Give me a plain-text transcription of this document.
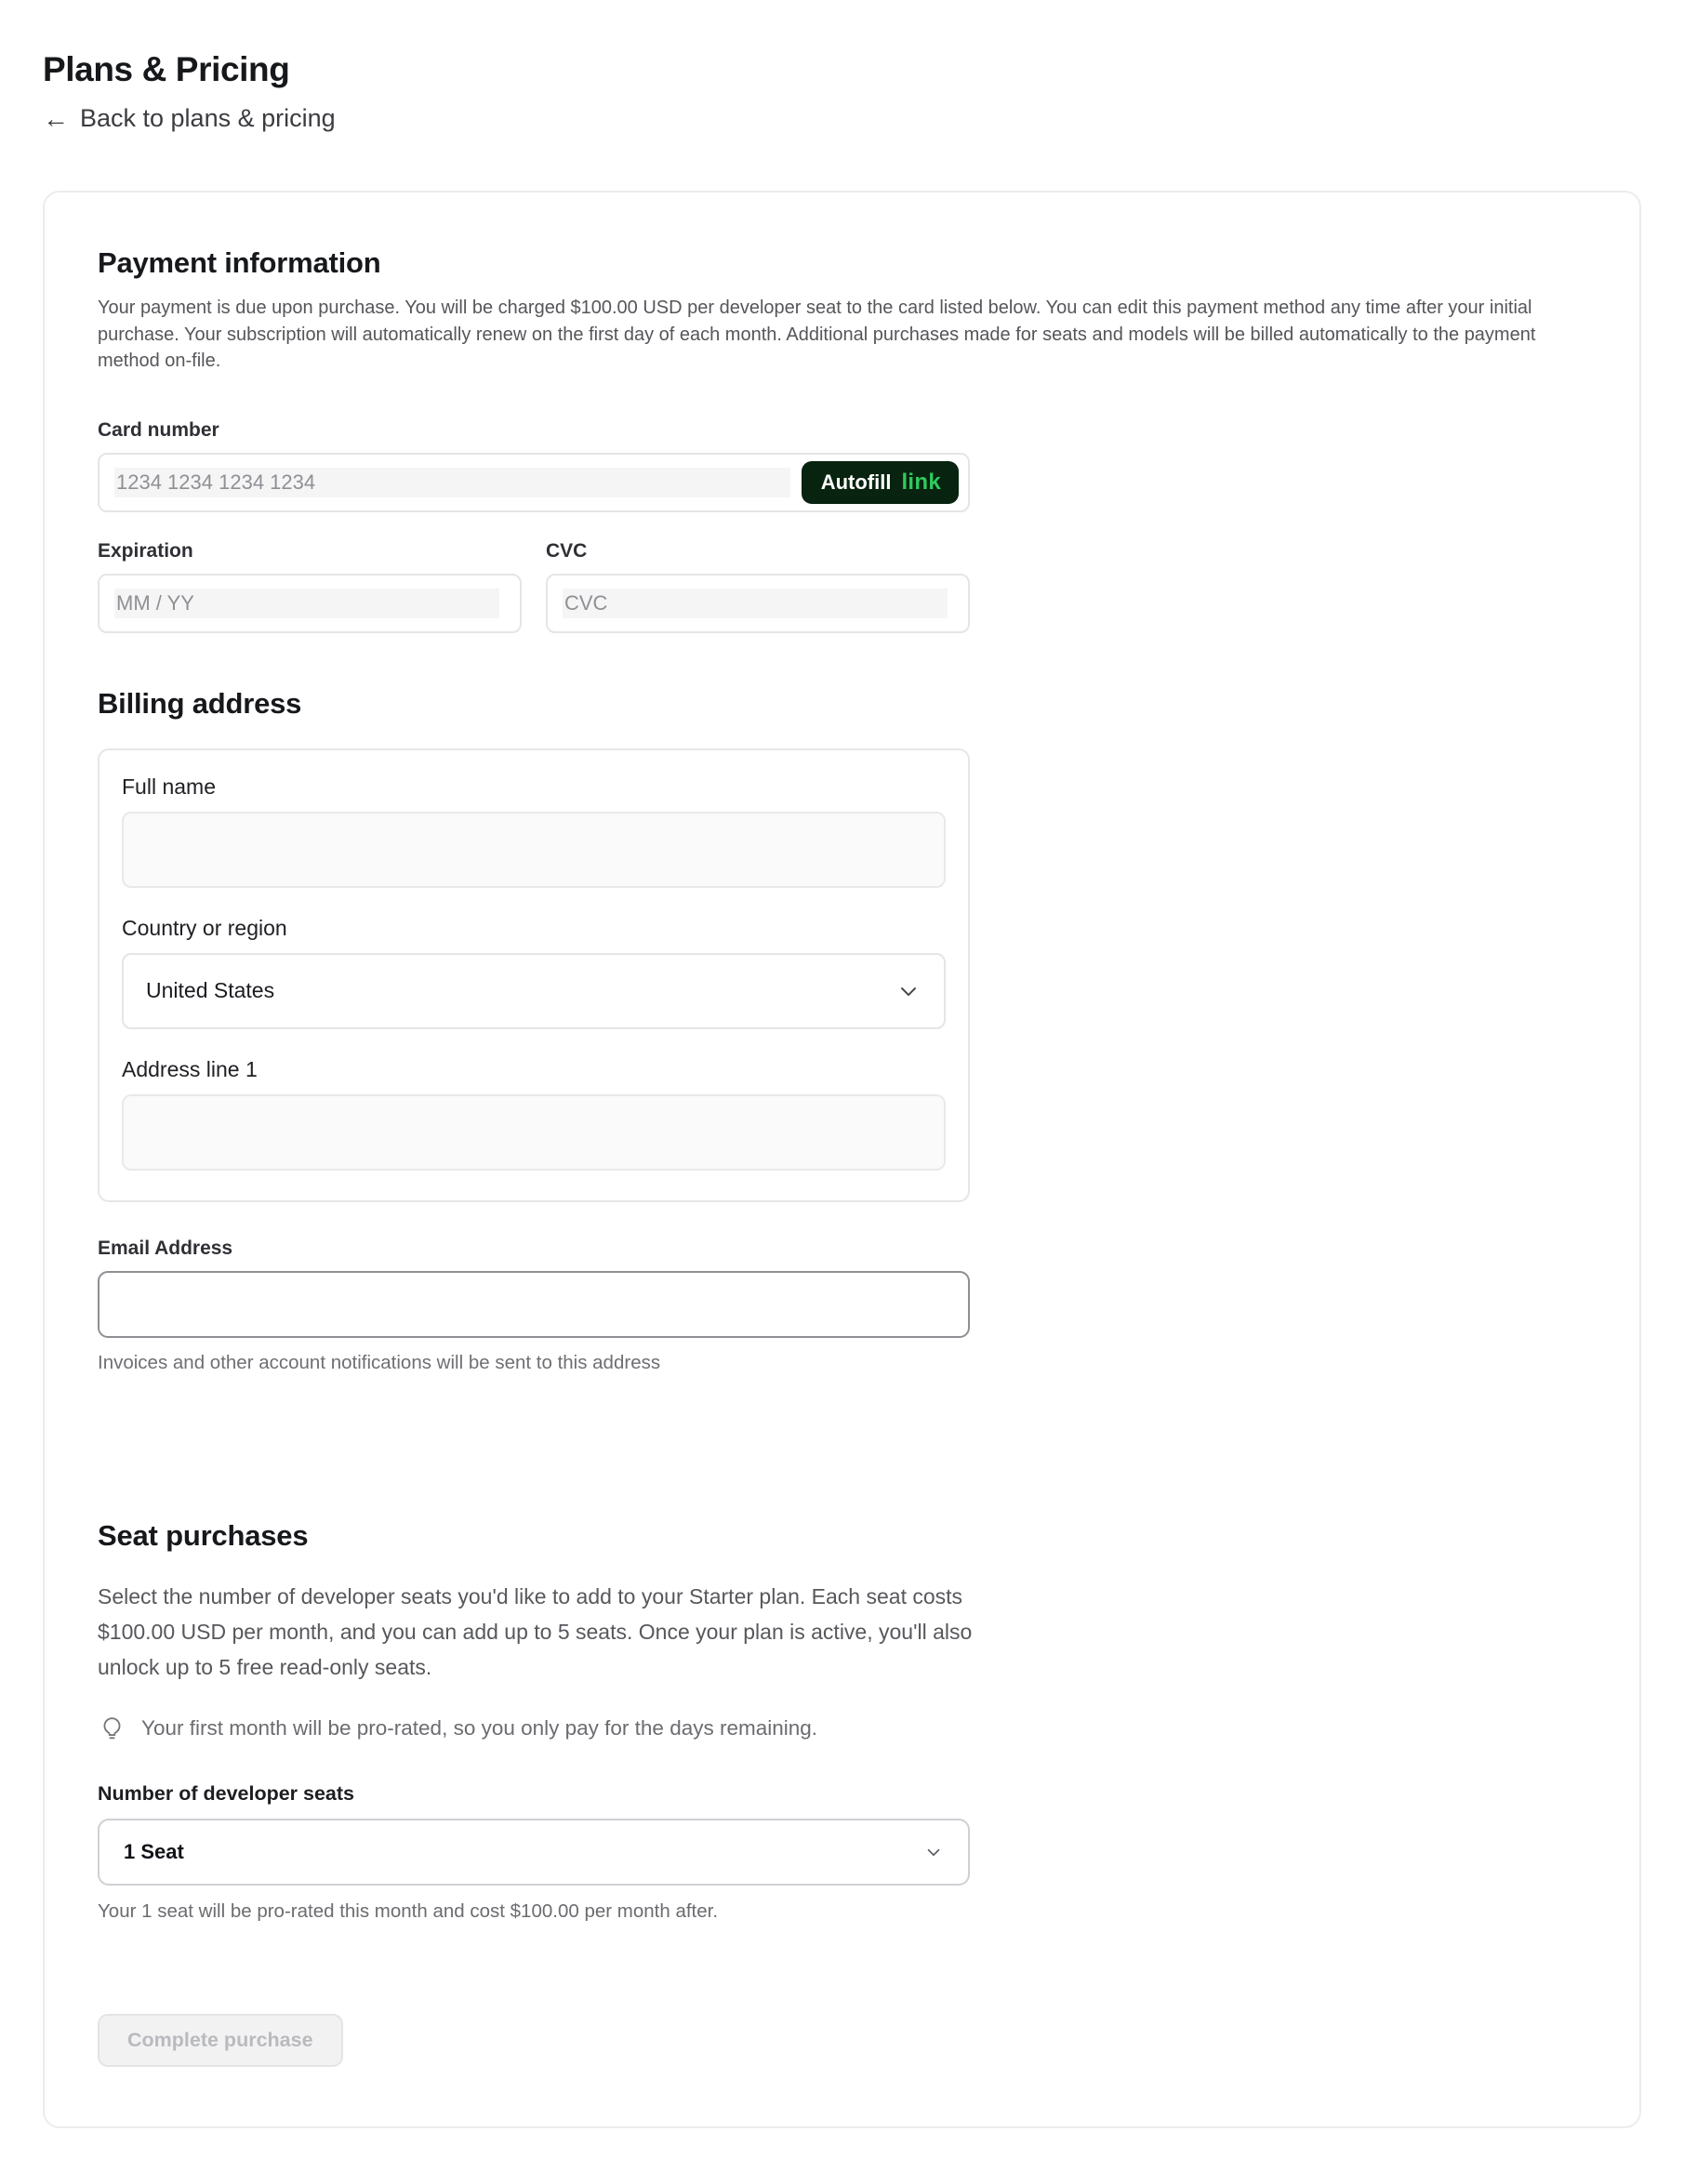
Plans & Pricing
← Back to plans & pricing
Payment information

Your payment is due upon purchase. You will be charged $100.00 USD per developer seat to the card listed below. You can edit this payment method any time after your initial purchase. Your subscription will automatically renew on the first day of each month. Additional purchases made for seats and models will be billed automatically to the payment method on-file.

Card number
1234 1234 1234 1234
Autofill link
Expiration
MM / YY	CVC
CVC
Billing address
Full name
Country or region
United States
Address line 1
Email Address

Invoices and other account notifications will be sent to this address

Seat purchases

Select the number of developer seats you'd like to add to your Starter plan. Each seat costs $100.00 USD per month, and you can add up to 5 seats. Once your plan is active, you'll also unlock up to 5 free read-only seats.

Your first month will be pro-rated, so you only pay for the days remaining.
Number of developer seats
1 Seat

Your 1 seat will be pro-rated this month and cost $100.00 per month after.

Complete purchase
